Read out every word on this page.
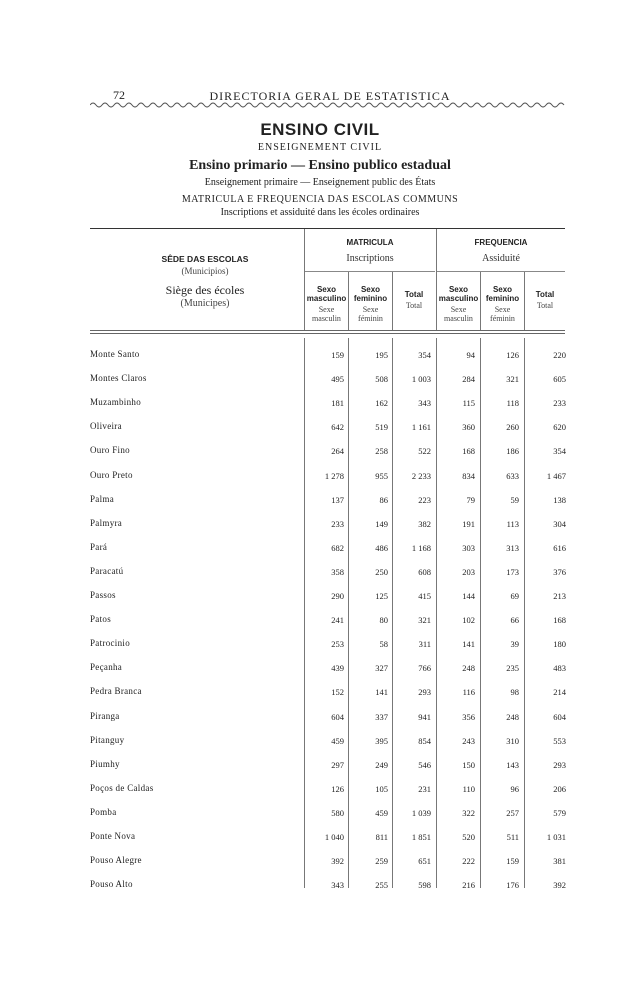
72	DIRECTORIA GERAL DE ESTATISTICA
ENSINO CIVIL
ENSEIGNEMENT CIVIL
Ensino primario — Ensino publico estadual
Enseignement primaire — Enseignement public des États
MATRICULA E FREQUENCIA DAS ESCOLAS COMMUNS
Inscriptions et assiduité dans les écoles ordinaires
SÊDE DAS ESCOLAS
(Municipios)
Siège des écoles
(Municipes)
MATRICULA
Inscriptions
FREQUENCIA
Assiduité
Sexo
masculino
Sexe
masculin
Sexo
feminino
Sexe
féminin
Total
Total
Sexo
masculino
Sexe
masculin
Sexo
feminino
Sexe
féminin
Total
Total
Monte Santo	159	195	354	94	126	220
Montes Claros	495	508	1 003	284	321	605
Muzambinho	181	162	343	115	118	233
Oliveira	642	519	1 161	360	260	620
Ouro Fino	264	258	522	168	186	354
Ouro Preto	1 278	955	2 233	834	633	1 467
Palma	137	86	223	79	59	138
Palmyra	233	149	382	191	113	304
Pará	682	486	1 168	303	313	616
Paracatú	358	250	608	203	173	376
Passos	290	125	415	144	69	213
Patos	241	80	321	102	66	168
Patrocinio	253	58	311	141	39	180
Peçanha	439	327	766	248	235	483
Pedra Branca	152	141	293	116	98	214
Piranga	604	337	941	356	248	604
Pitanguy	459	395	854	243	310	553
Piumhy	297	249	546	150	143	293
Poços de Caldas	126	105	231	110	96	206
Pomba	580	459	1 039	322	257	579
Ponte Nova	1 040	811	1 851	520	511	1 031
Pouso Alegre	392	259	651	222	159	381
Pouso Alto	343	255	598	216	176	392
